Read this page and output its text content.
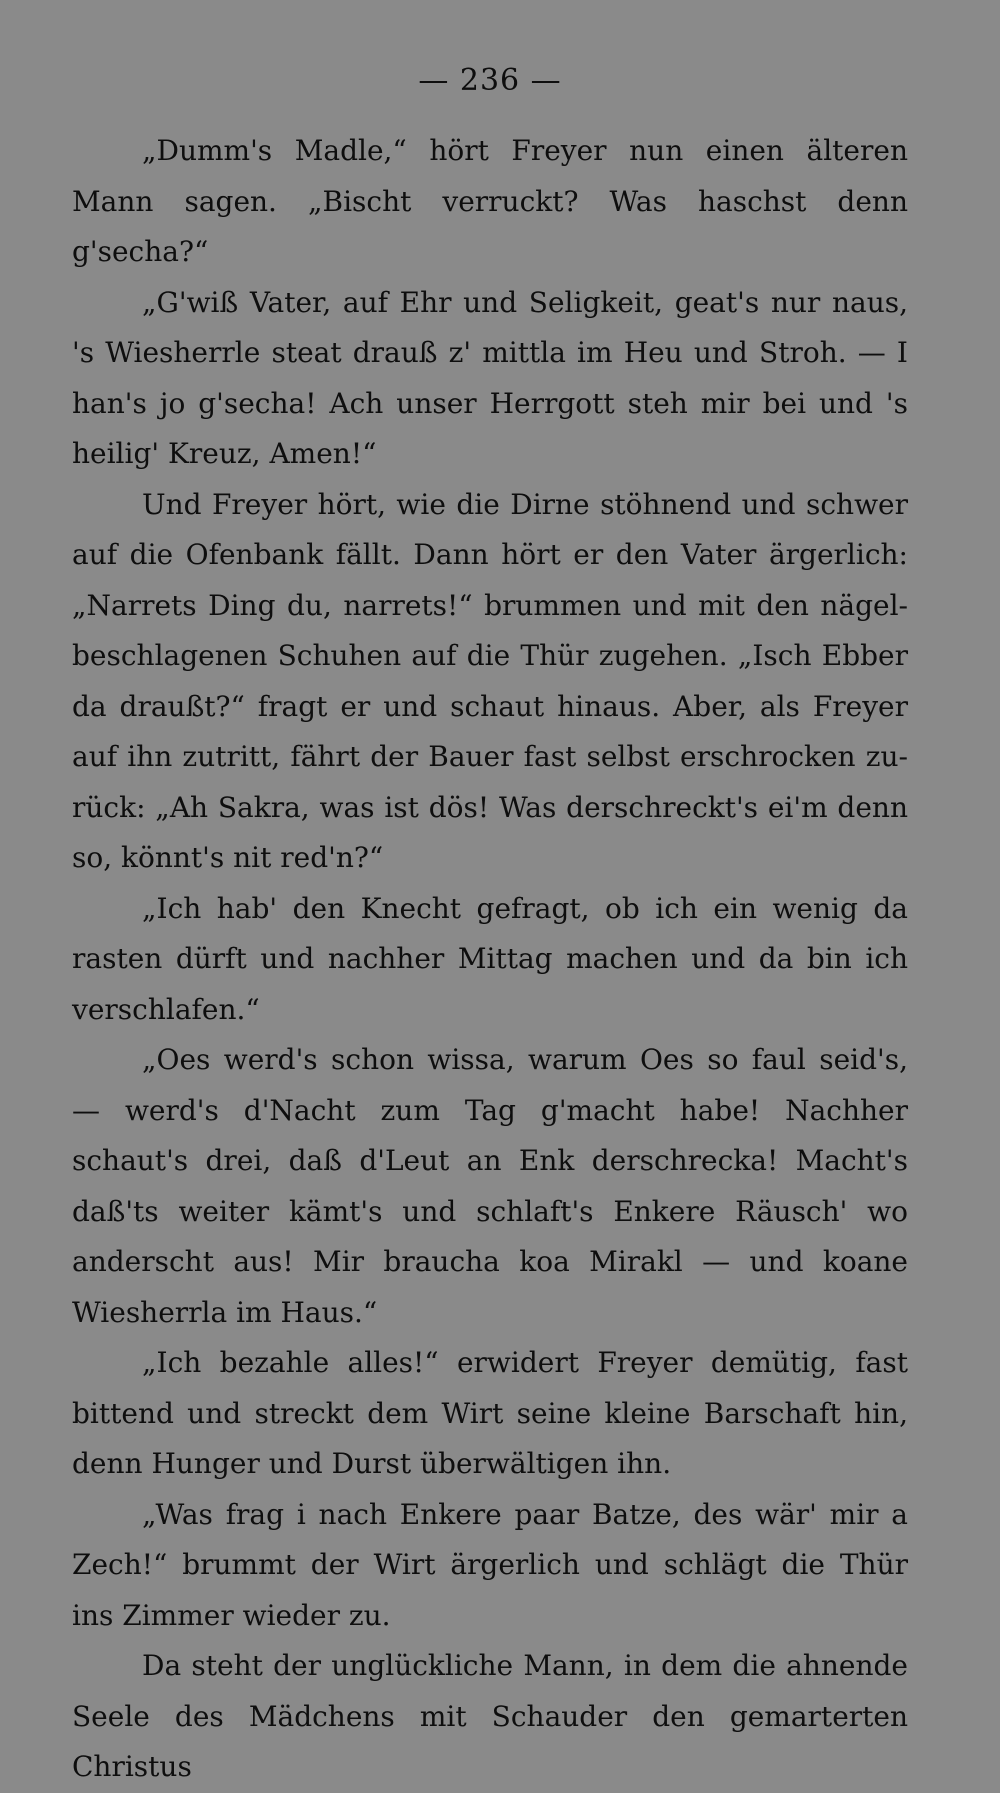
— 236 —

„Dumm's Madle,“ hört Freyer nun einen älteren Mann sagen. „Bischt verruckt? Was haschst denn g'secha?“

„G'wiß Vater, auf Ehr und Seligkeit, geat's nur naus, 's Wiesherrle steat drauß z' mittla im Heu und Stroh. — I han's jo g'secha! Ach unser Herrgott steh mir bei und 's heilig' Kreuz, Amen!“

Und Freyer hört, wie die Dirne stöhnend und schwer auf die Ofenbank fällt. Dann hört er den Vater ärgerlich: „Narrets Ding du, narrets!“ brummen und mit den nägel-beschlagenen Schuhen auf die Thür zugehen. „Isch Ebber da draußt?“ fragt er und schaut hinaus. Aber, als Freyer auf ihn zutritt, fährt der Bauer fast selbst erschrocken zu-rück: „Ah Sakra, was ist dös! Was derschreckt's ei'm denn so, könnt's nit red'n?“

„Ich hab' den Knecht gefragt, ob ich ein wenig da rasten dürft und nachher Mittag machen und da bin ich verschlafen.“

„Oes werd's schon wissa, warum Oes so faul seid's, — werd's d'Nacht zum Tag g'macht habe! Nachher schaut's drei, daß d'Leut an Enk derschrecka! Macht's daß'ts weiter kämt's und schlaft's Enkere Räusch' wo anderscht aus! Mir braucha koa Mirakl — und koane Wiesherrla im Haus.“

„Ich bezahle alles!“ erwidert Freyer demütig, fast bittend und streckt dem Wirt seine kleine Barschaft hin, denn Hunger und Durst überwältigen ihn.

„Was frag i nach Enkere paar Batze, des wär' mir a Zech!“ brummt der Wirt ärgerlich und schlägt die Thür ins Zimmer wieder zu.

Da steht der unglückliche Mann, in dem die ahnende Seele des Mädchens mit Schauder den gemarterten Christus
